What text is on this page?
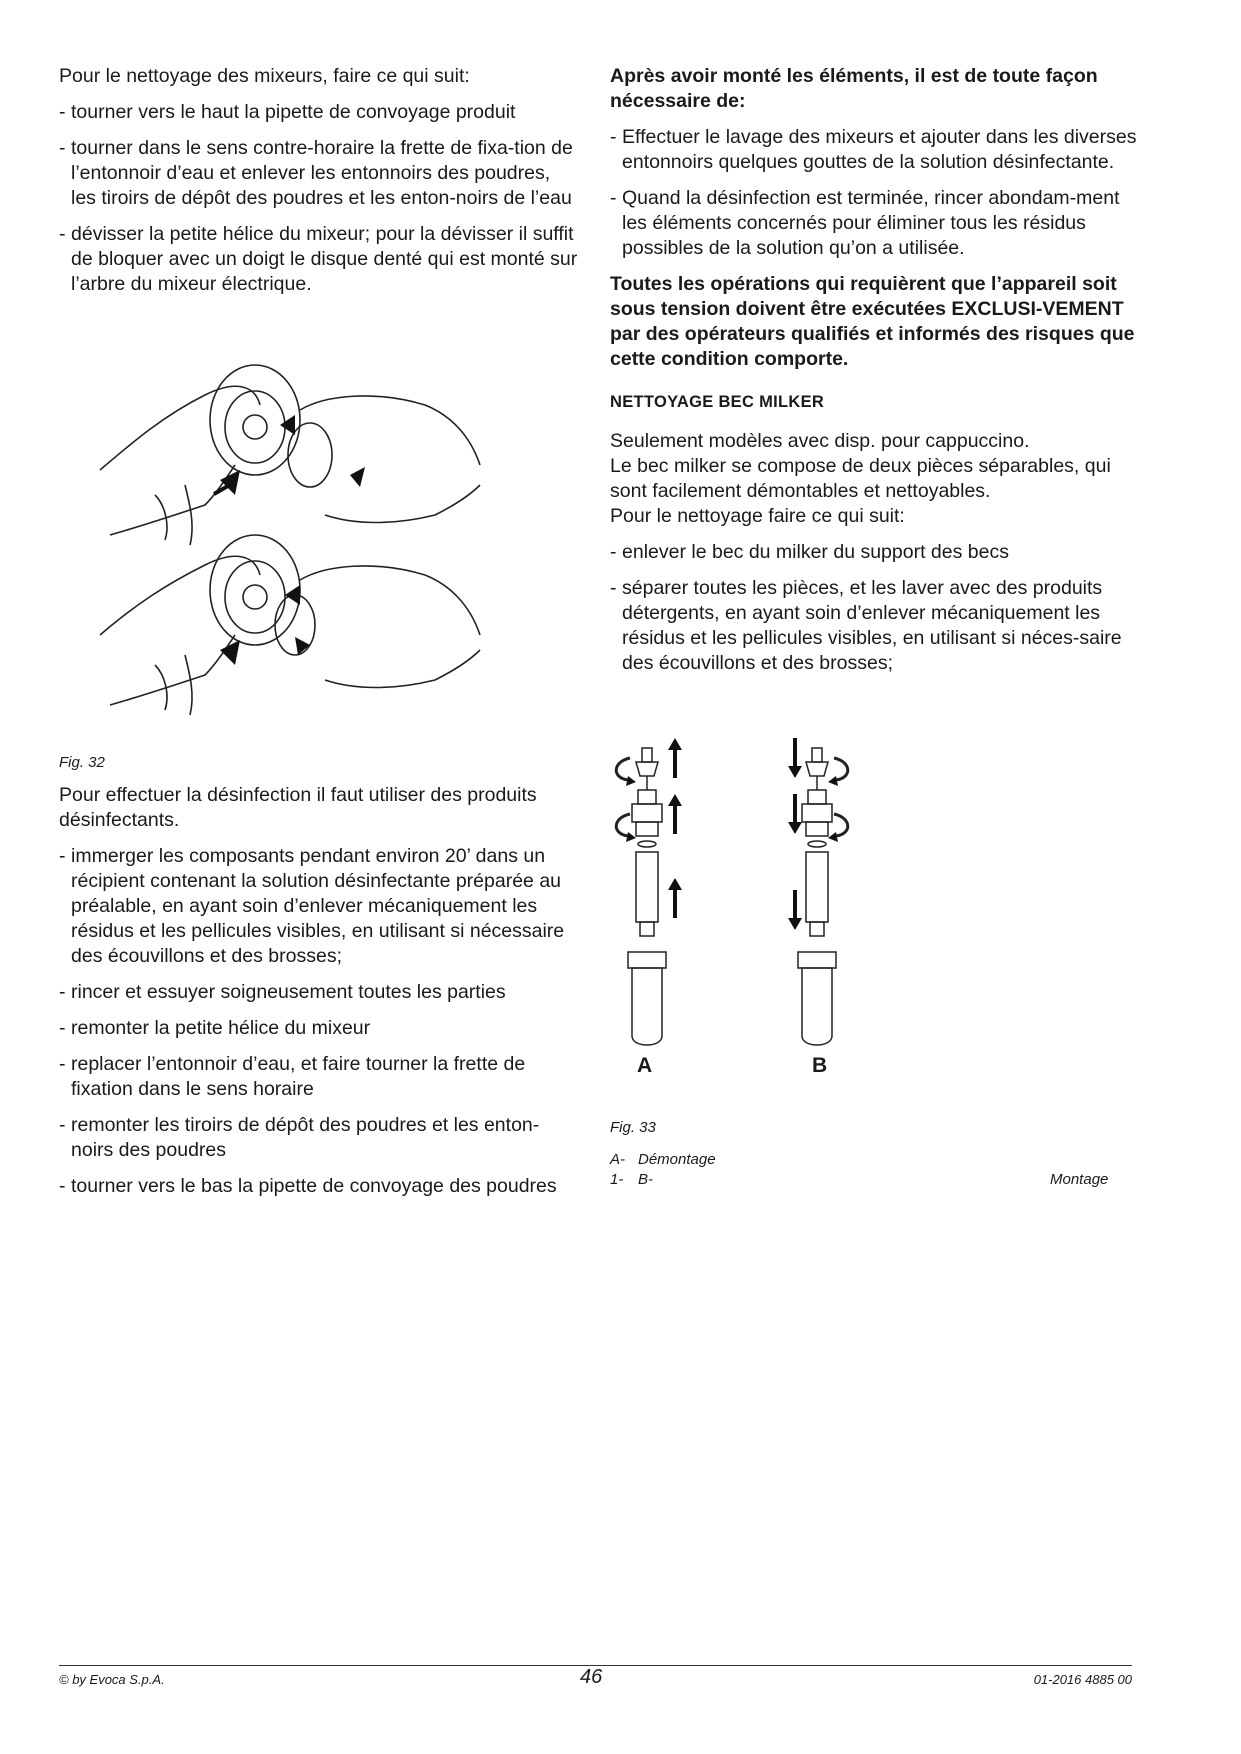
Pour le nettoyage des mixeurs, faire ce qui suit:

- tourner vers le haut la pipette de convoyage produit
- tourner dans le sens contre-horaire la frette de fixa-tion de l’entonnoir d’eau et enlever les entonnoirs des poudres, les tiroirs de dépôt des poudres et les enton-noirs de l’eau
- dévisser la petite hélice du mixeur; pour la dévisser il suffit de bloquer avec un doigt le disque denté qui est monté sur l’arbre du mixeur électrique.

Fig. 32

Pour effectuer la désinfection il faut utiliser des produits désinfectants.

- immerger les composants pendant environ 20’ dans un récipient contenant la solution désinfectante préparée au préalable, en ayant soin d’enlever mécaniquement les résidus et les pellicules visibles, en utilisant si nécessaire des écouvillons et des brosses;
- rincer et essuyer soigneusement toutes les parties
- remonter la petite hélice du mixeur
- replacer l’entonnoir d’eau, et faire tourner la frette de fixation dans le sens horaire
- remonter les tiroirs de dépôt des poudres et les enton-noirs des poudres
- tourner vers le bas la pipette de convoyage des poudres

Après avoir monté les éléments, il est de toute façon nécessaire de:

- Effectuer le lavage des mixeurs et ajouter dans les diverses entonnoirs quelques gouttes de la solution désinfectante.
- Quand la désinfection est terminée, rincer abondam-ment les éléments concernés pour éliminer tous les résidus possibles de la solution qu’on a utilisée.

Toutes les opérations qui requièrent que l’appareil soit sous tension doivent être exécutées EXCLUSI-VEMENT par des opérateurs qualifiés et informés des risques que cette condition comporte.

NETTOYAGE BEC MILKER

Seulement modèles avec disp. pour cappuccino.

Le bec milker se compose de deux pièces séparables, qui sont facilement démontables et nettoyables.

Pour le nettoyage faire ce qui suit:

- enlever le bec du milker du support des becs
- séparer toutes les pièces, et les laver avec des produits détergents, en ayant soin d’enlever mécaniquement les résidus et les pellicules visibles, en utilisant si néces-saire des écouvillons et des brosses;
A	B

Fig. 33

A- Démontage
1- B-	Montage
© by Evoca S.p.A.	46	01-2016 4885 00
